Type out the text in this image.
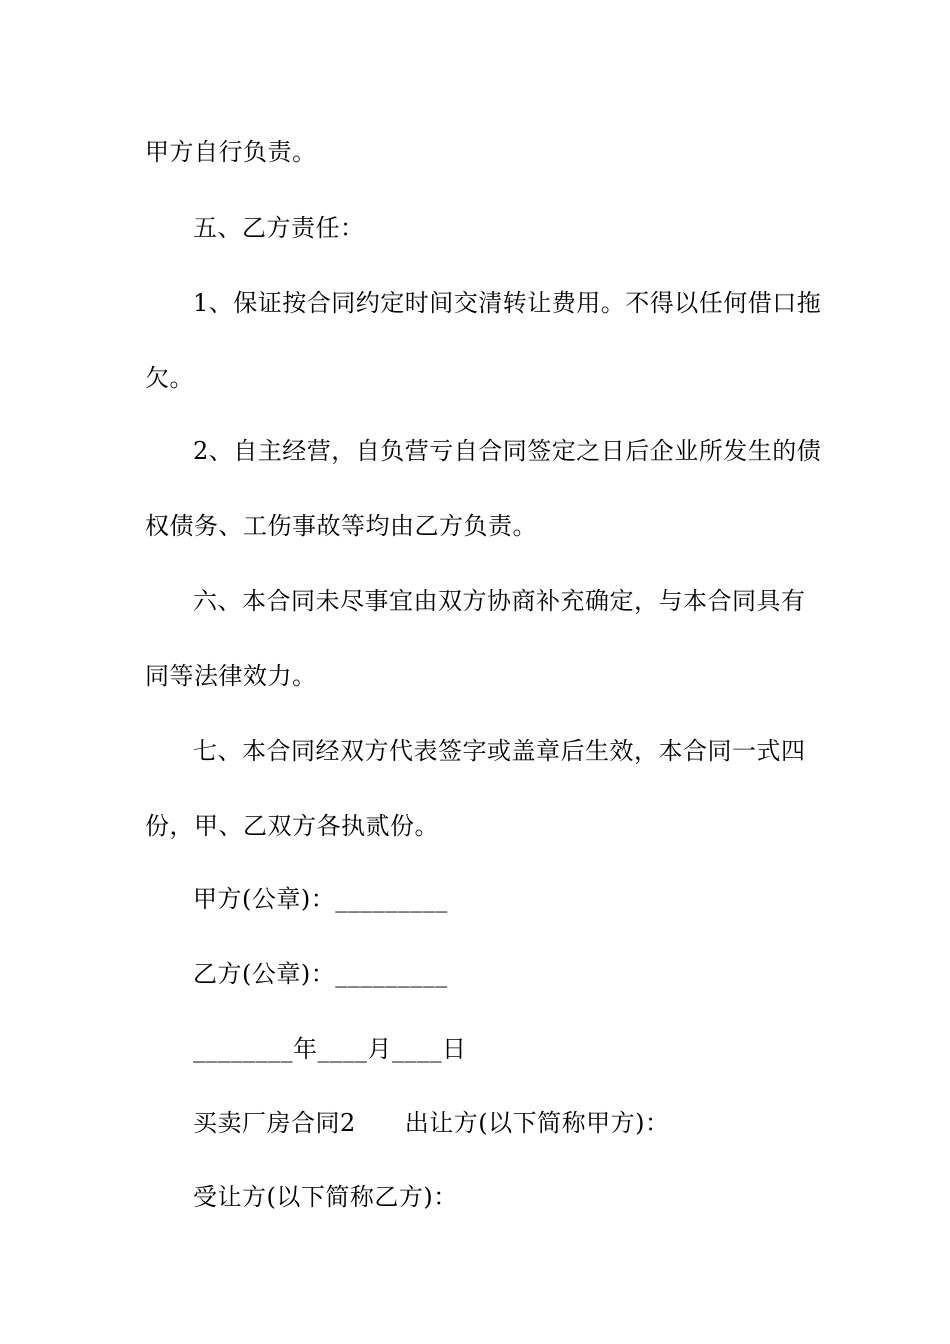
甲方自行负责。
五、乙方责任：
1、保证按合同约定时间交清转让费用。不得以任何借口拖
欠。
2、自主经营，自负营亏自合同签定之日后企业所发生的债
权债务、工伤事故等均由乙方负责。
六、本合同未尽事宜由双方协商补充确定，与本合同具有
同等法律效力。
七、本合同经双方代表签字或盖章后生效，本合同一式四
份，甲、乙双方各执贰份。
甲方(公章)：_________
乙方(公章)：_________
________年____月____日
买卖厂房合同2　　出让方(以下简称甲方)：
受让方(以下简称乙方)：
